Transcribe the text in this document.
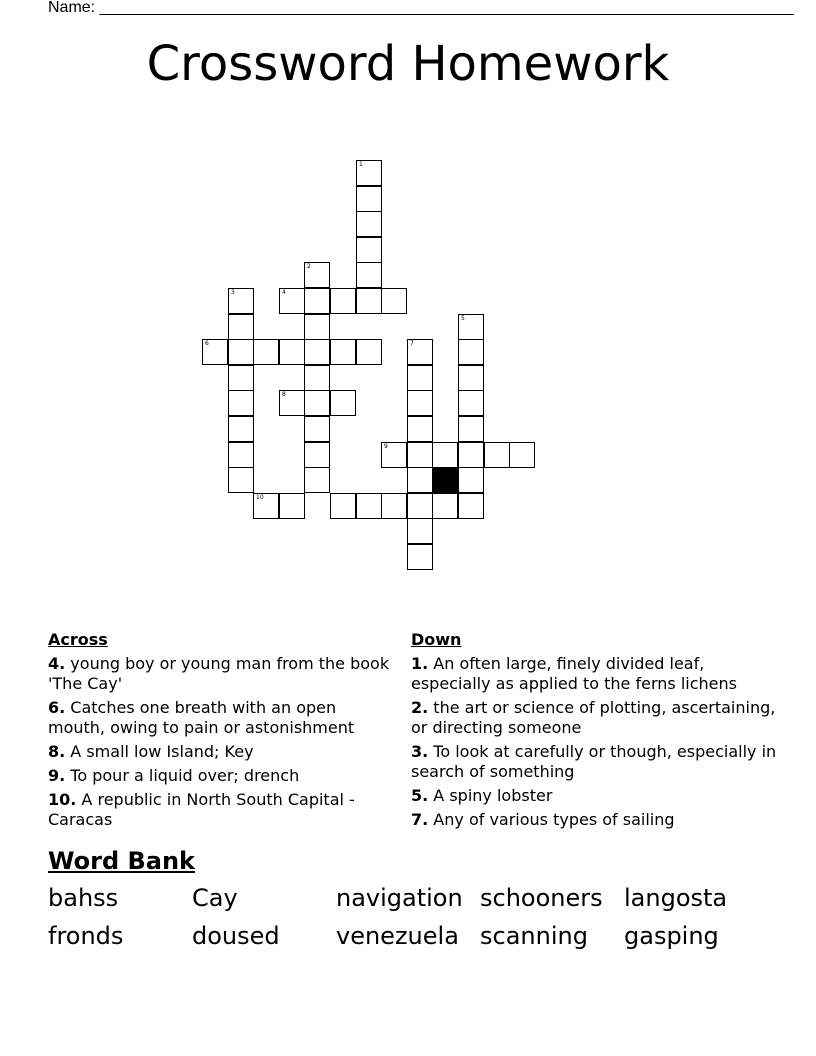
Name: ______________________________________________________________________________
Crossword Homework
1
2
4
3
5
6	7
8
9
10
Across
4. young boy or young man from the book 'The Cay'
6. Catches one breath with an open mouth, owing to pain or astonishment
8. A small low Island; Key
9. To pour a liquid over; drench
10. A republic in North South Capital - Caracas
Down
1. An often large, finely divided leaf, especially as applied to the ferns lichens
2. the art or science of plotting, ascertaining, or directing someone
3. To look at carefully or though, especially in search of something
5. A spiny lobster
7. Any of various types of sailing
Word Bank
bahss	Cay	navigation schooners langosta
fronds	doused	venezuela scanning	gasping
